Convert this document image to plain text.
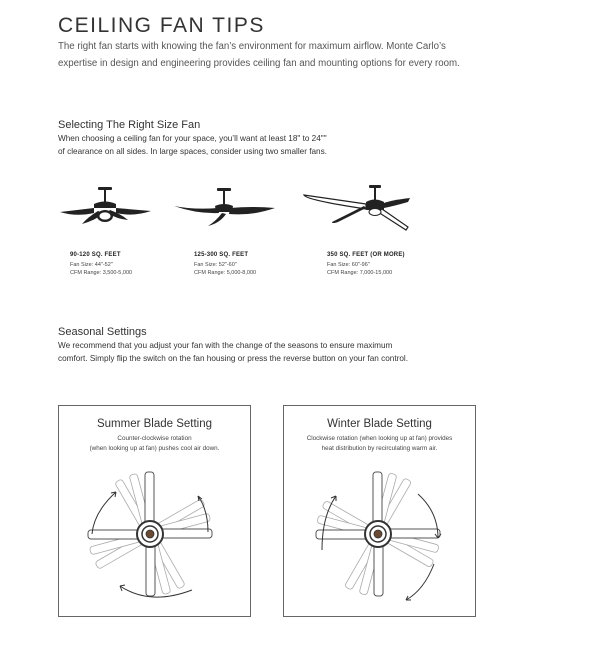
CEILING FAN TIPS
The right fan starts with knowing the fan’s environment for maximum airflow. Monte Carlo’s
expertise in design and engineering provides ceiling fan and mounting options for every room.
Selecting The Right Size Fan
When choosing a ceiling fan for your space, you’ll want at least 18" to 24""
of clearance on all sides. In large spaces, consider using two smaller fans.
90-120 SQ. FEET
Fan Size: 44"-52"
CFM Range: 3,500-5,000
125-300 SQ. FEET
Fan Size: 52"-60"
CFM Range: 5,000-8,000
350 SQ. FEET (OR MORE)
Fan Size: 60"-96"
CFM Range: 7,000-15,000
Seasonal Settings
We recommend that you adjust your fan with the change of the seasons to ensure maximum
comfort. Simply flip the switch on the fan housing or press the reverse button on your fan control.
Summer Blade Setting
Counter-clockwise rotation
(when looking up at fan) pushes cool air down.
Winter Blade Setting
Clockwise rotation (when looking up at fan) provides
heat distribution by recirculating warm air.
